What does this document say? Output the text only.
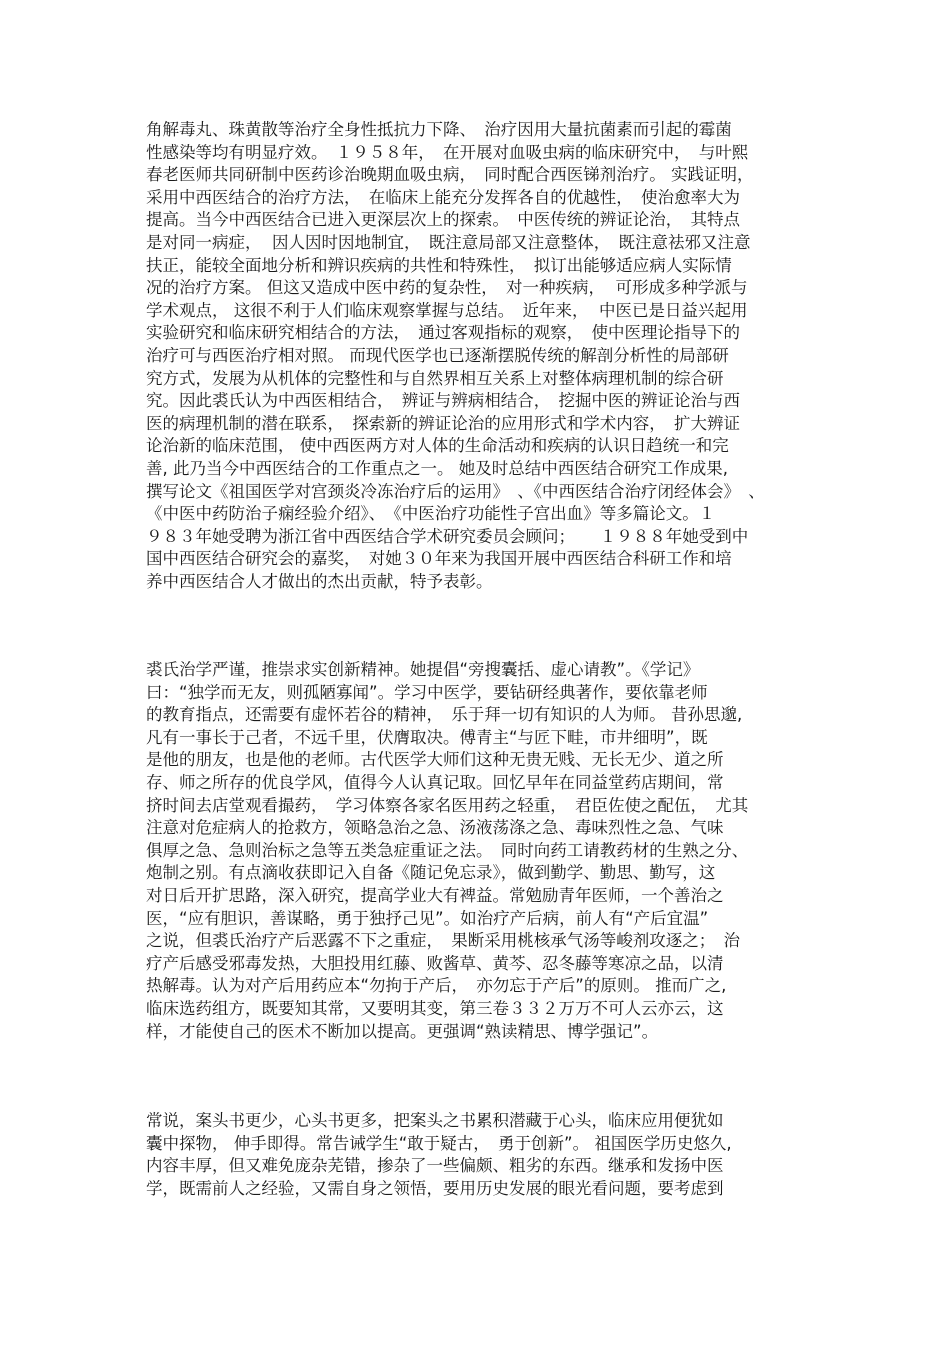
角解毒丸、珠黄散等治疗全身性抵抗力下降、　治疗因用大量抗菌素而引起的霉菌
性感染等均有明显疗效。　１９５８年，　在开展对血吸虫病的临床研究中，　与叶熙
春老医师共同研制中医药诊治晚期血吸虫病，　同时配合西医锑剂治疗。 实践证明，
采用中西医结合的治疗方法，　在临床上能充分发挥各自的优越性，　使治愈率大为
提高。当今中西医结合已进入更深层次上的探索。　中医传统的辨证论治，　其特点
是对同一病症，  因人因时因地制宜，　既注意局部又注意整体，　既注意祛邪又注意
扶正，能较全面地分析和辨识疾病的共性和特殊性，　拟订出能够适应病人实际情
况的治疗方案。 但这又造成中医中药的复杂性，　对一种疾病，  可形成多种学派与
学术观点， 这很不利于人们临床观察掌握与总结。　近年来，  中医已是日益兴起用
实验研究和临床研究相结合的方法，　通过客观指标的观察，　使中医理论指导下的
治疗可与西医治疗相对照。 而现代医学也已逐渐摆脱传统的解剖分析性的局部研
究方式，发展为从机体的完整性和与自然界相互关系上对整体病理机制的综合研
究。因此裘氏认为中西医相结合，　辨证与辨病相结合，　挖掘中医的辨证论治与西
医的病理机制的潜在联系，　探索新的辨证论治的应用形式和学术内容，　扩大辨证
论治新的临床范围， 使中西医两方对人体的生命活动和疾病的认识日趋统一和完
善, 此乃当今中西医结合的工作重点之一。 她及时总结中西医结合研究工作成果,
撰写论文《祖国医学对宫颈炎冷冻治疗后的运用》　、《中西医结合治疗闭经体会》　、
《中医中药防治子痫经验介绍》、　《中医治疗功能性子宫出血》等多篇论文。１
９８３年她受聘为浙江省中西医结合学术研究委员会顾问；　　１９８８年她受到中
国中西医结合研究会的嘉奖，　对她３０年来为我国开展中西医结合科研工作和培
养中西医结合人才做出的杰出贡献，特予表彰。
裘氏治学严谨，推崇求实创新精神。她提倡“旁搜囊括、虚心请教”。《学记》
曰：“独学而无友，则孤陋寡闻”。学习中医学，要钻研经典著作，要依靠老师
的教育指点，还需要有虚怀若谷的精神，　乐于拜一切有知识的人为师。 昔孙思邈,
凡有一事长于己者，不远千里，伏膺取决。傅青主“与匠下畦，市井细明”，既
是他的朋友，也是他的老师。古代医学大师们这种无贵无贱、无长无少、道之所
存、师之所存的优良学风，值得今人认真记取。回忆早年在同益堂药店期间，常
挤时间去店堂观看撮药，　学习体察各家名医用药之轻重，　君臣佐使之配伍，　尤其
注意对危症病人的抢救方，领略急治之急、汤液荡涤之急、毒味烈性之急、气味
俱厚之急、急则治标之急等五类急症重证之法。　同时向药工请教药材的生熟之分、
炮制之别。有点滴收获即记入自备《随记免忘录》，做到勤学、勤思、勤写，这
对日后开扩思路，深入研究，提高学业大有裨益。常勉励青年医师，一个善治之
医，“应有胆识，善谋略，勇于独抒己见”。如治疗产后病，前人有“产后宜温”
之说，但裘氏治疗产后恶露不下之重症，　果断采用桃核承气汤等峻剂攻逐之；　治
疗产后感受邪毒发热，大胆投用红藤、败酱草、黄芩、忍冬藤等寒凉之品，以清
热解毒。认为对产后用药应本“勿拘于产后，　亦勿忘于产后”的原则。 推而广之,
临床选药组方，既要知其常，又要明其变，第三卷３３２万万不可人云亦云，这
样，才能使自己的医术不断加以提高。更强调“熟读精思、博学强记”。
常说，案头书更少，心头书更多，把案头之书累积潜藏于心头，临床应用便犹如
囊中探物， 伸手即得。常告诫学生“敢于疑古，　勇于创新”。 祖国医学历史悠久,
内容丰厚，但又难免庞杂芜错，掺杂了一些偏颇、粗劣的东西。继承和发扬中医
学，既需前人之经验，又需自身之领悟，要用历史发展的眼光看问题，要考虑到
